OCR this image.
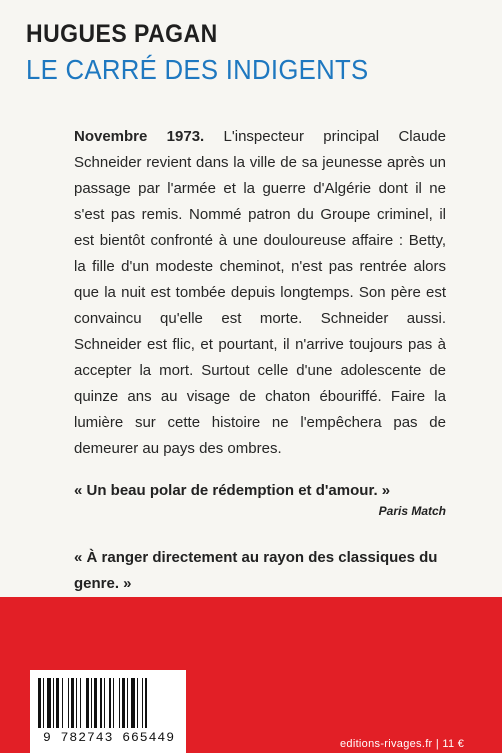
HUGUES PAGAN
LE CARRÉ DES INDIGENTS
Novembre 1973. L'inspecteur principal Claude Schneider revient dans la ville de sa jeunesse après un passage par l'armée et la guerre d'Algérie dont il ne s'est pas remis. Nommé patron du Groupe criminel, il est bientôt confronté à une douloureuse affaire : Betty, la fille d'un modeste cheminot, n'est pas rentrée alors que la nuit est tombée depuis longtemps. Son père est convaincu qu'elle est morte. Schneider aussi. Schneider est flic, et pourtant, il n'arrive toujours pas à accepter la mort. Surtout celle d'une adolescente de quinze ans au visage de chaton ébouriffé. Faire la lumière sur cette histoire ne l'empêchera pas de demeurer au pays des ombres.
« Un beau polar de rédemption et d'amour. »
Paris Match
« À ranger directement au rayon des classiques du genre. »
9 782743 665449	editions-rivages.fr | 11 €
